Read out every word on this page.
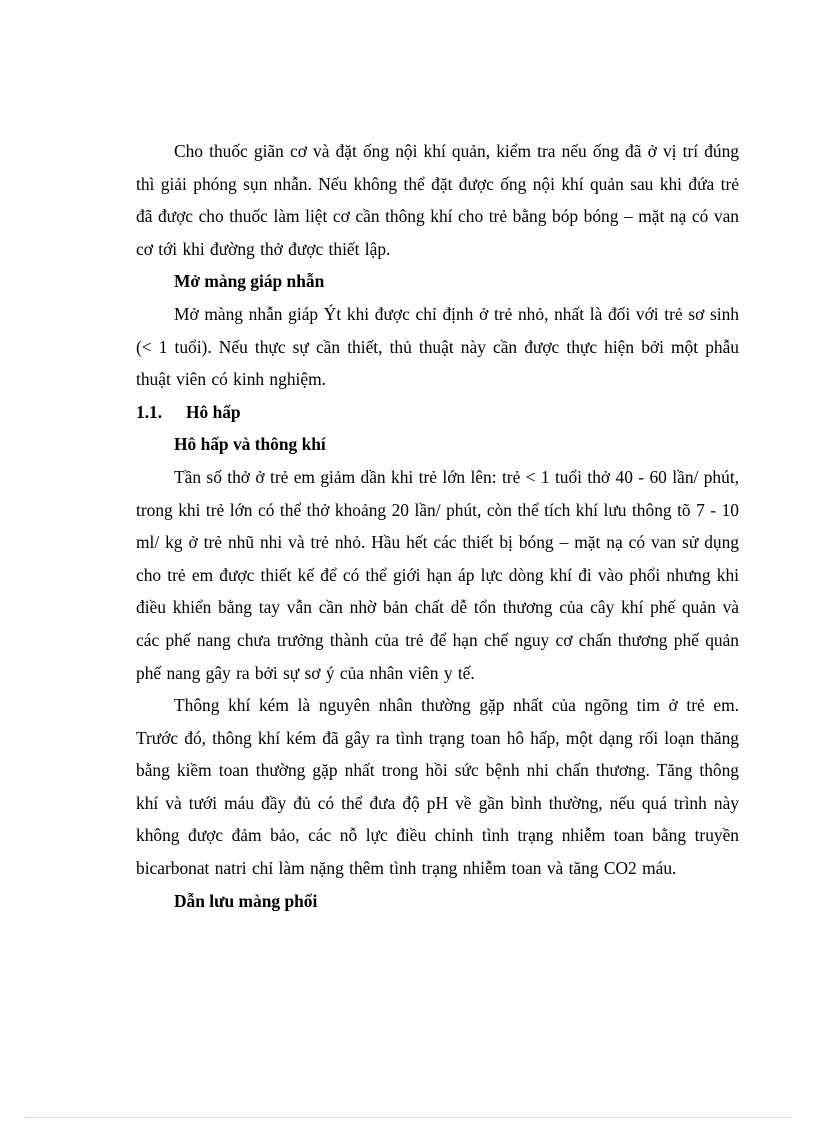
Cho thuốc giãn cơ và đặt ống nội khí quản, kiểm tra nếu ống đã ở vị trí đúng thì giải phóng sụn nhẫn. Nếu không thể đặt được ống nội khí quản sau khi đứa trẻ đã được cho thuốc làm liệt cơ cần thông khí cho trẻ bằng bóp bóng – mặt nạ có van cơ tới khi đường thở được thiết lập.

Mở màng giáp nhẫn

Mở màng nhẫn giáp Ýt khi được chỉ định ở trẻ nhỏ, nhất là đối với trẻ sơ sinh (< 1 tuổi). Nếu thực sự cần thiết, thủ thuật này cần được thực hiện bởi một phẫu thuật viên có kinh nghiệm.

1.1.	Hô hấp
Hô hấp và thông khí

Tần số thở ở trẻ em giảm dần khi trẻ lớn lên: trẻ < 1 tuổi thở 40 - 60 lần/ phút, trong khi trẻ lớn có thể thở khoảng 20 lần/ phút, còn thể tích khí lưu thông tõ 7 - 10 ml/ kg ở trẻ nhũ nhi và trẻ nhỏ. Hầu hết các thiết bị bóng – mặt nạ có van sử dụng cho trẻ em được thiết kế để có thể giới hạn áp lực dòng khí đi vào phổi nhưng khi điều khiển bằng tay vẫn cần nhờ bản chất dễ tổn thương của cây khí phế quản và các phế nang chưa trưởng thành của trẻ để hạn chế nguy cơ chấn thương phế quản phế nang gây ra bởi sự sơ ý của nhân viên y tế.

Thông khí kém là nguyên nhân thường gặp nhất của ngõng tim ở trẻ em. Trước đó, thông khí kém đã gây ra tình trạng toan hô hấp, một dạng rối loạn thăng bằng kiềm toan thường gặp nhất trong hồi sức bệnh nhi chấn thương. Tăng thông khí và tưới máu đầy đủ có thể đưa độ pH về gần bình thường, nếu quá trình này không được đảm bảo, các nỗ lực điều chỉnh tình trạng nhiễm toan bằng truyền bicarbonat natri chỉ làm nặng thêm tình trạng nhiễm toan và tăng CO2 máu.

Dẫn lưu màng phổi
